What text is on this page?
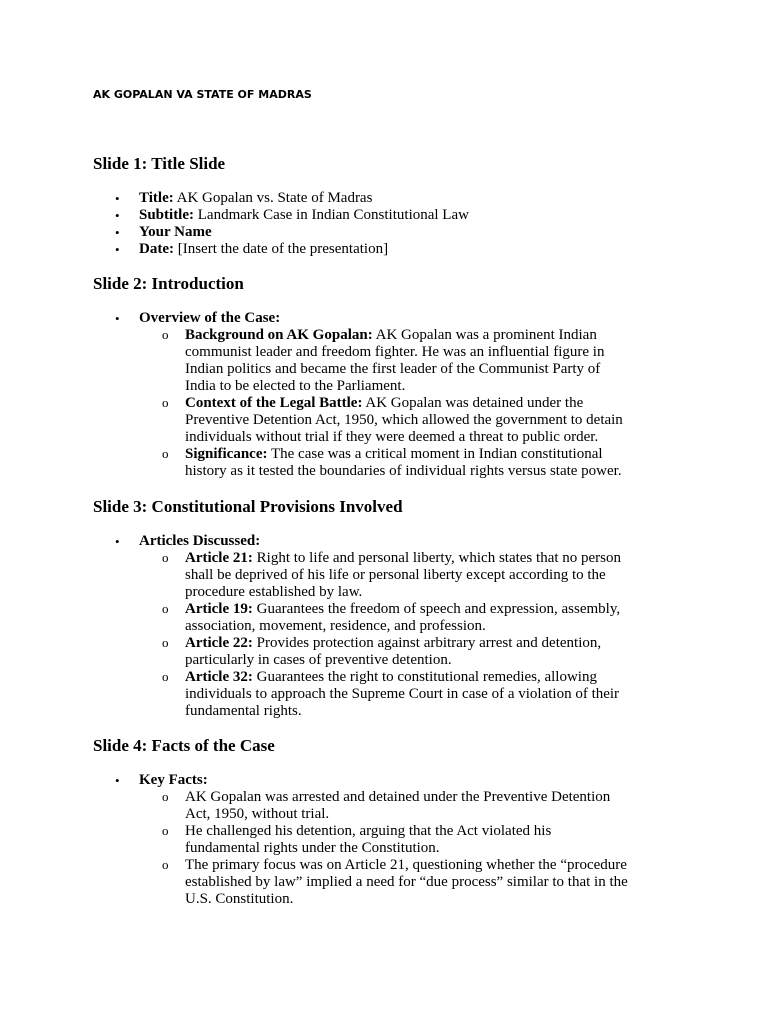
AK GOPALAN VA STATE OF MADRAS
Slide 1: Title Slide
• Title: AK Gopalan vs. State of Madras
• Subtitle: Landmark Case in Indian Constitutional Law
• Your Name
• Date: [Insert the date of the presentation]
Slide 2: Introduction
• Overview of the Case:
o Background on AK Gopalan: AK Gopalan was a prominent Indian communist leader and freedom fighter. He was an influential figure in Indian politics and became the first leader of the Communist Party of India to be elected to the Parliament.
o Context of the Legal Battle: AK Gopalan was detained under the Preventive Detention Act, 1950, which allowed the government to detain individuals without trial if they were deemed a threat to public order.
o Significance: The case was a critical moment in Indian constitutional history as it tested the boundaries of individual rights versus state power.
Slide 3: Constitutional Provisions Involved
• Articles Discussed:
o Article 21: Right to life and personal liberty, which states that no person shall be deprived of his life or personal liberty except according to the procedure established by law.
o Article 19: Guarantees the freedom of speech and expression, assembly, association, movement, residence, and profession.
o Article 22: Provides protection against arbitrary arrest and detention, particularly in cases of preventive detention.
o Article 32: Guarantees the right to constitutional remedies, allowing individuals to approach the Supreme Court in case of a violation of their fundamental rights.
Slide 4: Facts of the Case
• Key Facts:
o AK Gopalan was arrested and detained under the Preventive Detention Act, 1950, without trial.
o He challenged his detention, arguing that the Act violated his fundamental rights under the Constitution.
o The primary focus was on Article 21, questioning whether the “procedure established by law” implied a need for “due process” similar to that in the U.S. Constitution.
